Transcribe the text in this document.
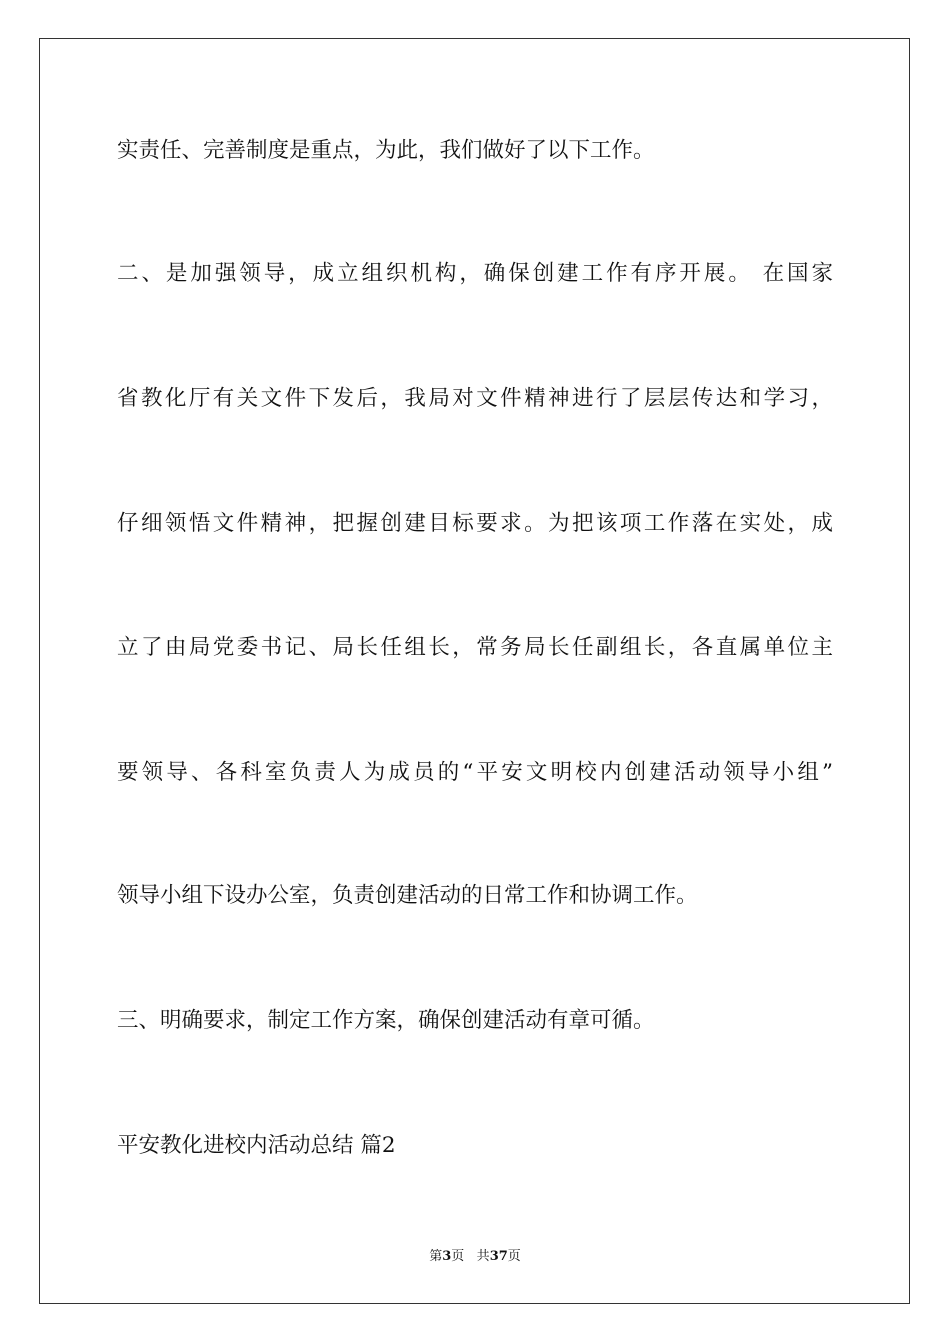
实责任、完善制度是重点，为此，我们做好了以下工作。
二、是加强领导，成立组织机构，确保创建工作有序开展。 在国家
省教化厅有关文件下发后，我局对文件精神进行了层层传达和学习，
仔细领悟文件精神，把握创建目标要求。为把该项工作落在实处，成
立了由局党委书记、局长任组长，常务局长任副组长，各直属单位主
要领导、各科室负责人为成员的“平安文明校内创建活动领导小组”
领导小组下设办公室，负责创建活动的日常工作和协调工作。
三、明确要求，制定工作方案，确保创建活动有章可循。
平安教化进校内活动总结 篇2
第3页 共37页
